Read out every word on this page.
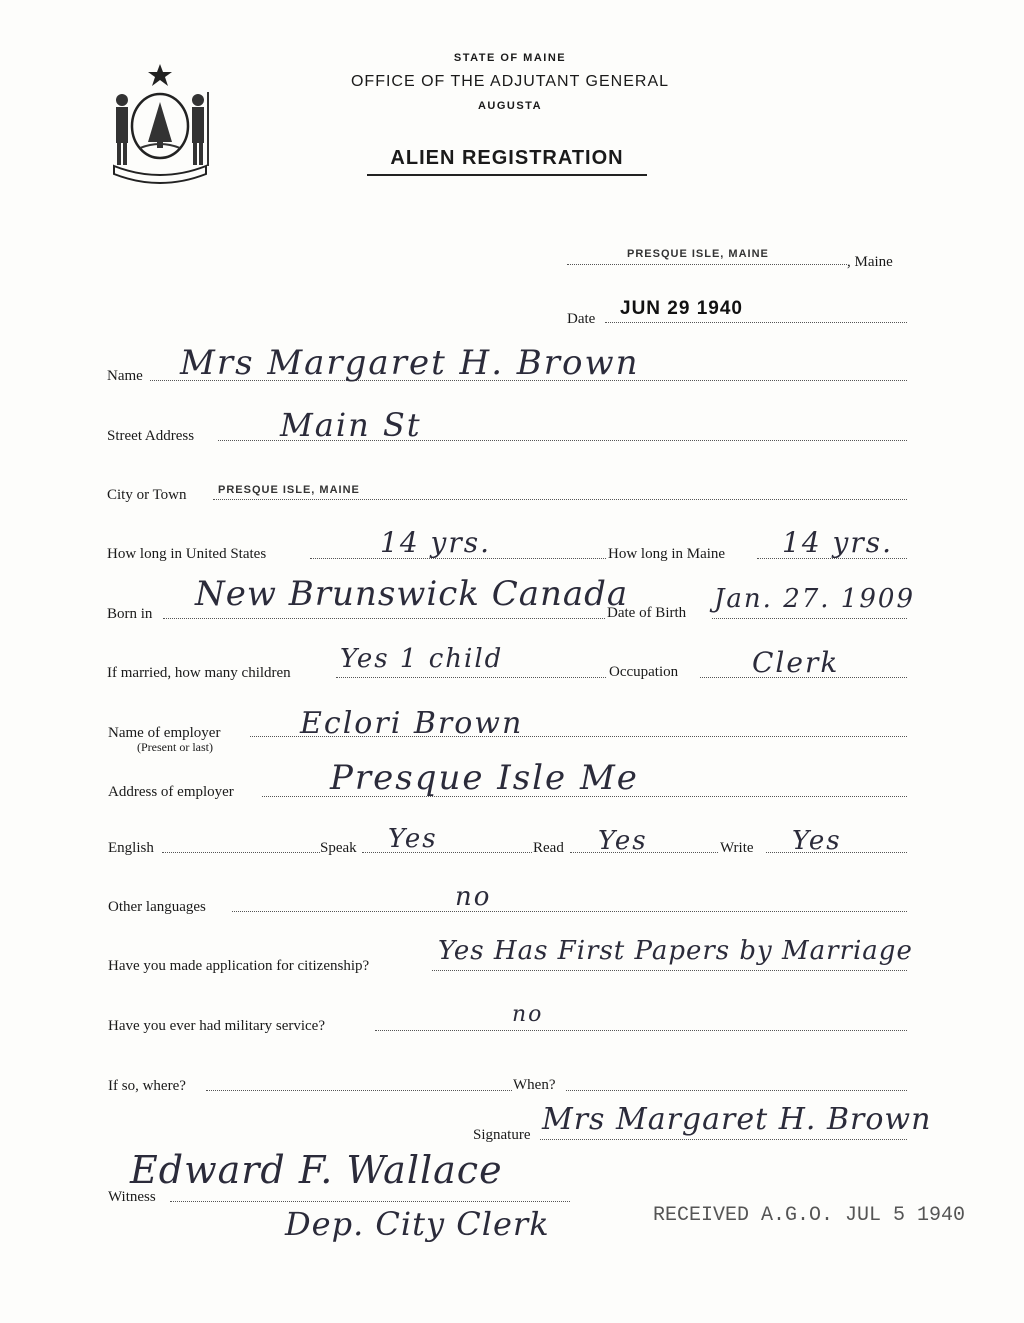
STATE OF MAINE
OFFICE OF THE ADJUTANT GENERAL
AUGUSTA
ALIEN REGISTRATION
PRESQUE ISLE, MAINE	, Maine
Date JUN 29 1940
Name Mrs Margaret H. Brown
Street Address	Main St
City or Town	PRESQUE ISLE, MAINE
How long in United States	14 yrs.	How long in Maine 14 yrs.
Born in New Brunswick Canada
Date of Birth Jan. 27. 1909
If married, how many children Yes 1 child	Occupation	Clerk
Name of employer
(Present or last)
Eclori Brown
Address of employer	Presque Isle Me
English	Speak Yes	Read Yes	Write Yes
Other languages	no
Have you made application for citizenship?	Yes Has First Papers by Marriage
Have you ever had military service?	no
If so, where?	When?
Signature Mrs Margaret H. Brown
Witness
Edward F. Wallace
Dep. City Clerk	RECEIVED A.G.O. JUL 5 1940
